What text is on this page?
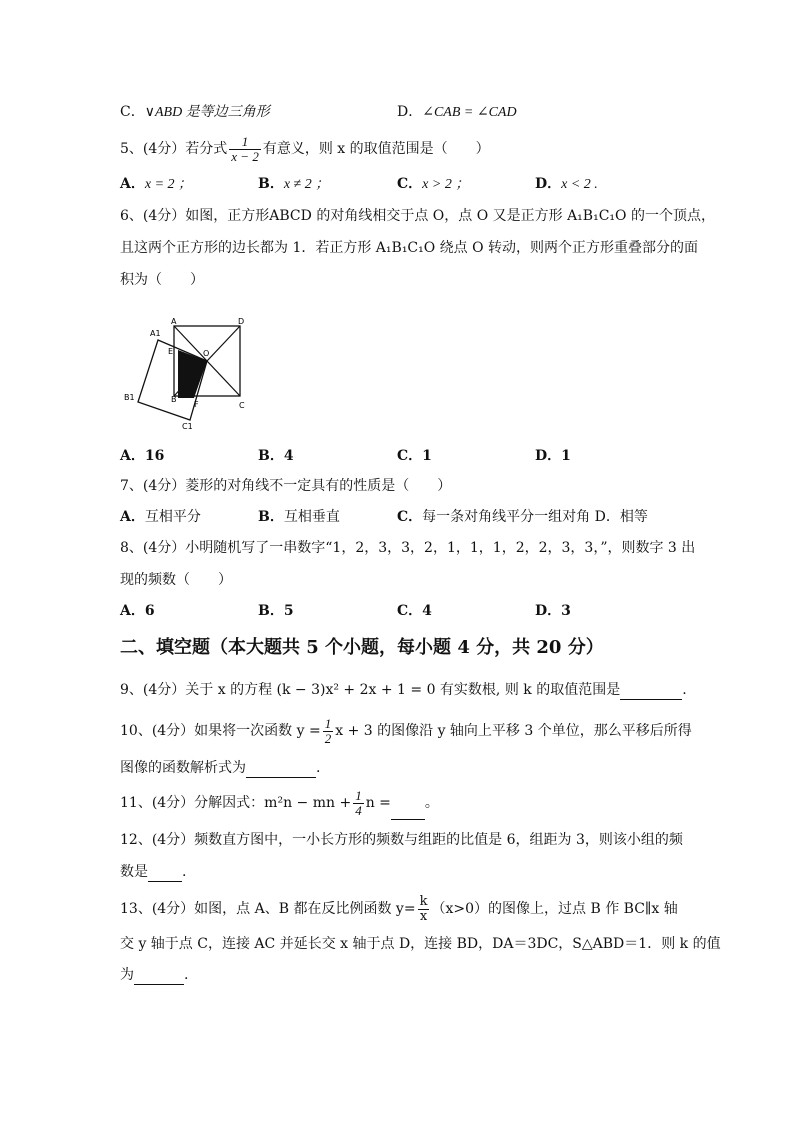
C．∨ABD 是等边三角形	D．∠CAB = ∠CAD
5、(4分）若分式 $\frac{1}{x - 2}$ 有意义，则 x 的取值范围是（　　）
A．x = 2 ；	B．x ≠ 2 ；	C．x > 2 ；	D．x < 2 .
6、(4分）如图，正方形ABCD 的对角线相交于点 O，点 O 又是正方形 A₁B₁C₁O 的一个顶点，
且这两个正方形的边长都为 1．若正方形 A₁B₁C₁O 绕点 O 转动，则两个正方形重叠部分的面
积为（　　）
A1
A	D
E	O
B1	B
F	C
C1
A．16	B．4	C．1	D．1
7、(4分）菱形的对角线不一定具有的性质是（　　）
A．互相平分	B．互相垂直	C．每一条对角线平分一组对角 D．相等
8、(4分）小明随机写了一串数字“1，2，3，3，2，1，1，1，2，2，3，3，”，则数字 3 出
现的频数（　　）
A．6	B．5	C．4	D．3
二、填空题（本大题共 5 个小题，每小题 4 分，共 20 分）
9、(4分）关于 x 的方程 (k − 3)x² + 2x + 1 = 0 有实数根, 则 k 的取值范围是	.
10、(4分）如果将一次函数 $y = \frac{1}{2}$ x + 3 的图像沿 y 轴向上平移 3 个单位，那么平移后所得
图像的函数解析式为	.
11、(4分）分解因式：m²n − mn + $\frac{1}{4}$ n = 。
12、(4分）频数直方图中，一小长方形的频数与组距的比值是 6，组距为 3，则该小组的频
数是 .
13、(4分）如图，点 A、B 都在反比例函数 $y= \frac{k}{x} (x>0)$的图像上，过点 B 作 BC∥x 轴
交 y 轴于点 C，连接 AC 并延长交 x 轴于点 D，连接 BD，DA＝3DC，S△ABD＝1．则 k 的值
为	.
